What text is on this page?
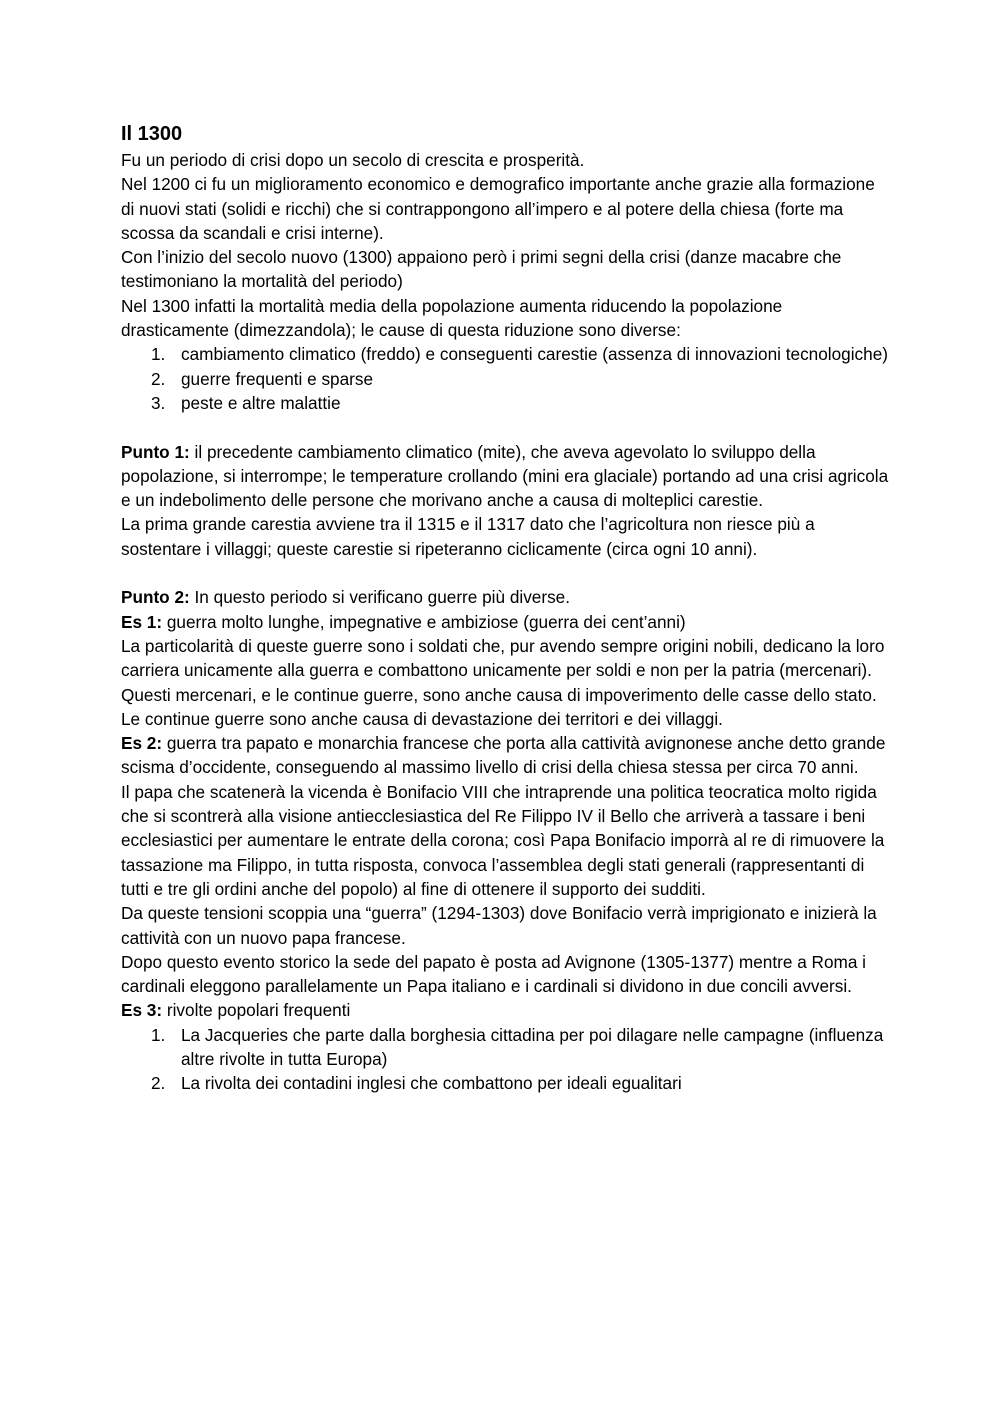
Il 1300

Fu un periodo di crisi dopo un secolo di crescita e prosperità.

Nel 1200 ci fu un miglioramento economico e demografico importante anche grazie alla formazione di nuovi stati (solidi e ricchi) che si contrappongono all’impero e al potere della chiesa (forte ma scossa da scandali e crisi interne).

Con l’inizio del secolo nuovo (1300) appaiono però i primi segni della crisi (danze macabre che testimoniano la mortalità del periodo)

Nel 1300 infatti la mortalità media della popolazione aumenta riducendo la popolazione drasticamente (dimezzandola); le cause di questa riduzione sono diverse:

1. cambiamento climatico (freddo) e conseguenti carestie (assenza di innovazioni tecnologiche)
2. guerre frequenti e sparse
3. peste e altre malattie

Punto 1: il precedente cambiamento climatico (mite), che aveva agevolato lo sviluppo della popolazione, si interrompe; le temperature crollando (mini era glaciale) portando ad una crisi agricola e un indebolimento delle persone che morivano anche a causa di molteplici carestie.

La prima grande carestia avviene tra il 1315 e il 1317 dato che l’agricoltura non riesce più a sostentare i villaggi; queste carestie si ripeteranno ciclicamente (circa ogni 10 anni).

Punto 2: In questo periodo si verificano guerre più diverse.

Es 1: guerra molto lunghe, impegnative e ambiziose (guerra dei cent’anni)

La particolarità di queste guerre sono i soldati che, pur avendo sempre origini nobili, dedicano la loro carriera unicamente alla guerra e combattono unicamente per soldi e non per la patria (mercenari).

Questi mercenari, e le continue guerre, sono anche causa di impoverimento delle casse dello stato.

Le continue guerre sono anche causa di devastazione dei territori e dei villaggi.

Es 2: guerra tra papato e monarchia francese che porta alla cattività avignonese anche detto grande scisma d’occidente, conseguendo al massimo livello di crisi della chiesa stessa per circa 70 anni.

Il papa che scatenerà la vicenda è Bonifacio VIII che intraprende una politica teocratica molto rigida che si scontrerà alla visione antiecclesiastica del Re Filippo IV il Bello che arriverà a tassare i beni ecclesiastici per aumentare le entrate della corona; così Papa Bonifacio imporrà al re di rimuovere la tassazione ma Filippo, in tutta risposta, convoca l’assemblea degli stati generali (rappresentanti di tutti e tre gli ordini anche del popolo) al fine di ottenere il supporto dei sudditi.

Da queste tensioni scoppia una “guerra” (1294-1303) dove Bonifacio verrà imprigionato e inizierà la cattività con un nuovo papa francese.

Dopo questo evento storico la sede del papato è posta ad Avignone (1305-1377) mentre a Roma i cardinali eleggono parallelamente un Papa italiano e i cardinali si dividono in due concili avversi.

Es 3: rivolte popolari frequenti

1. La Jacqueries che parte dalla borghesia cittadina per poi dilagare nelle campagne (influenza altre rivolte in tutta Europa)
2. La rivolta dei contadini inglesi che combattono per ideali egualitari
